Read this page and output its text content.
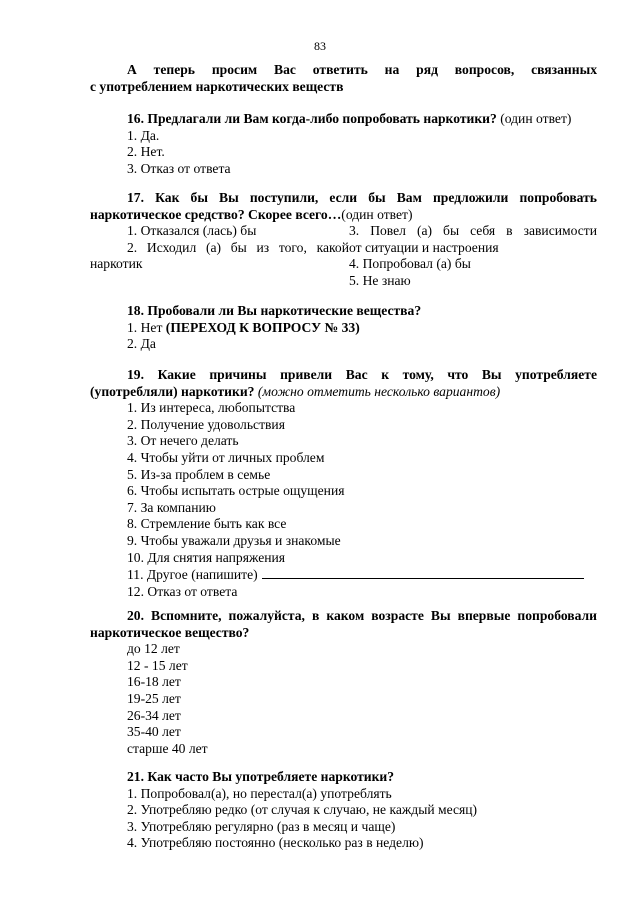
83
А теперь просим Вас ответить на ряд вопросов, связанных
с употреблением наркотических веществ
16. Предлагали ли Вам когда-либо попробовать наркотики? (один ответ)
1. Да.
2. Нет.
3. Отказ от ответа
17. Как бы Вы поступили, если бы Вам предложили попробовать
наркотическое средство? Скорее всего…(один ответ)
1. Отказался (лась) бы
2. Исходил (а) бы из того, какой
наркотик
3. Повел (а) бы себя в зависимости
от ситуации и настроения
4. Попробовал (а) бы
5. Не знаю
18. Пробовали ли Вы наркотические вещества?
1. Нет (ПЕРЕХОД К ВОПРОСУ № 33)
2. Да
19. Какие причины привели Вас к тому, что Вы употребляете
(употребляли) наркотики? (можно отметить несколько вариантов)
1. Из интереса, любопытства
2. Получение удовольствия
3. От нечего делать
4. Чтобы уйти от личных проблем
5. Из-за проблем в семье
6. Чтобы испытать острые ощущения
7. За компанию
8. Стремление быть как все
9. Чтобы уважали друзья и знакомые
10. Для снятия напряжения
11. Другое (напишите)
12. Отказ от ответа
20. Вспомните, пожалуйста, в каком возрасте Вы впервые попробовали
наркотическое вещество?
до 12 лет
12 - 15 лет
16-18 лет
19-25 лет
26-34 лет
35-40 лет
старше 40 лет
21. Как часто Вы употребляете наркотики?
1. Попробовал(а), но перестал(а) употреблять
2. Употребляю редко (от случая к случаю, не каждый месяц)
3. Употребляю регулярно (раз в месяц и чаще)
4. Употребляю постоянно (несколько раз в неделю)
